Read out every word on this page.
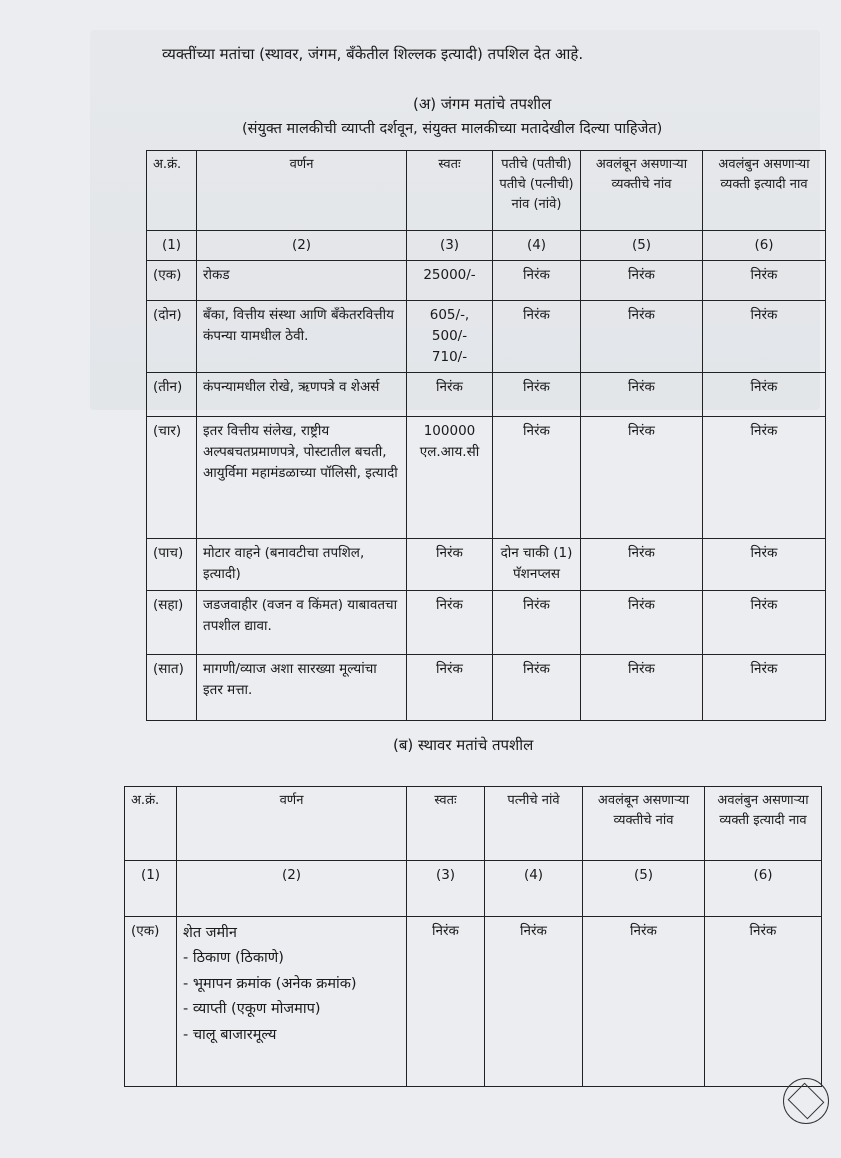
व्यक्तींच्या मतांचा (स्थावर, जंगम, बँकेतील शिल्लक इत्यादी) तपशिल देत आहे.
(अ) जंगम मतांचे तपशील
(संयुक्त मालकीची व्याप्ती दर्शवून, संयुक्त मालकीच्या मतादेखील दिल्या पाहिजेत)
अ.क्रं.	वर्णन	स्वतः	पतीचे (पतीची) पतीचे (पत्नीची) नांव (नांवे)	अवलंबून असणाऱ्या व्यक्तीचे नांव	अवलंबुन असणाऱ्या व्यक्ती इत्यादी नाव
(1)	(2)	(3)	(4)	(5)	(6)
(एक)	रोकड	25000/-	निरंक	निरंक	निरंक
(दोन)	बँका, वित्तीय संस्था आणि बँकेतरवित्तीय कंपन्या यामधील ठेवी.	605/-, 500/- 710/-	निरंक	निरंक	निरंक
(तीन)	कंपन्यामधील रोखे, ऋणपत्रे व शेअर्स	निरंक	निरंक	निरंक	निरंक
(चार)	इतर वित्तीय संलेख, राष्ट्रीय अल्पबचतप्रमाणपत्रे, पोस्टातील बचती, आयुर्विमा महामंडळाच्या पॉलिसी, इत्यादी	100000 एल.आय.सी	निरंक	निरंक	निरंक
(पाच)	मोटार वाहने (बनावटीचा तपशिल, इत्यादी)	निरंक	दोन चाकी (1) पॅशनप्लस	निरंक	निरंक
(सहा)	जडजवाहीर (वजन व किंमत) याबावतचा तपशील द्यावा.	निरंक	निरंक	निरंक	निरंक
(सात)	मागणी/व्याज अशा सारख्या मूल्यांचा इतर मत्ता.	निरंक	निरंक	निरंक	निरंक
(ब) स्थावर मतांचे तपशील
अ.क्रं.	वर्णन	स्वतः	पत्नीचे नांवे	अवलंबून असणाऱ्या व्यक्तीचे नांव	अवलंबुन असणाऱ्या व्यक्ती इत्यादी नाव
(1)	(2)	(3)	(4)	(5)	(6)
(एक)	शेत जमीन
- ठिकाण (ठिकाणे)
- भूमापन क्रमांक (अनेक क्रमांक)
- व्याप्ती (एकूण मोजमाप)
- चालू बाजारमूल्य	निरंक	निरंक	निरंक	निरंक
